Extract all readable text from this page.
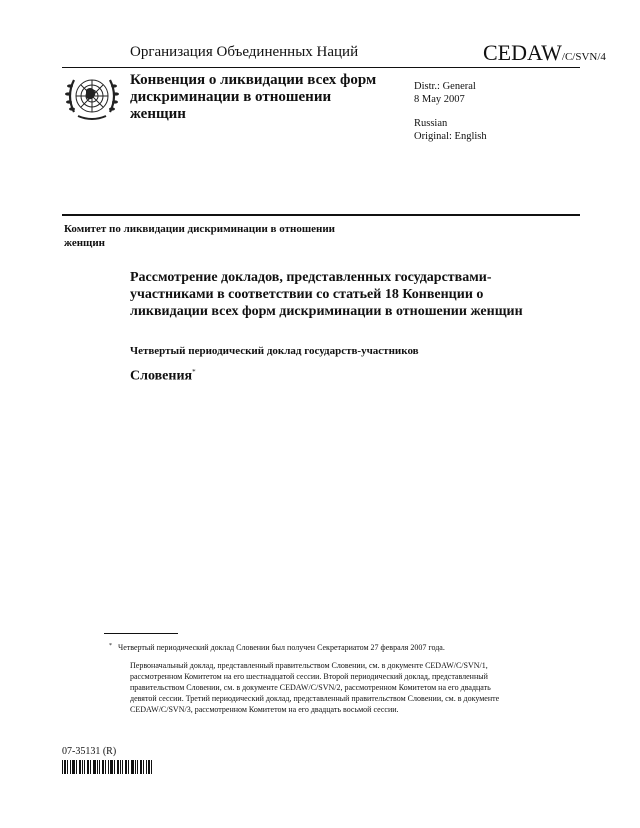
Организация Объединенных Наций	CEDAW/C/SVN/4
Конвенция о ликвидации всех форм дискриминации в отношении женщин
Distr.: General
8 May 2007
Russian
Original: English
Комитет по ликвидации дискриминации в отношении женщин
Рассмотрение докладов, представленных государствами-участниками в соответствии со статьей 18 Конвенции о ликвидации всех форм дискриминации в отношении женщин
Четвертый периодический доклад государств-участников
Словения*
* Четвертый периодический доклад Словении был получен Секретариатом 27 февраля 2007 года.
Первоначальный доклад, представленный правительством Словении, см. в документе CEDAW/C/SVN/1, рассмотренном Комитетом на его шестнадцатой сессии. Второй периодический доклад, представленный правительством Словении, см. в документе CEDAW/C/SVN/2, рассмотренном Комитетом на его двадцать девятой сессии. Третий периодический доклад, представленный правительством Словении, см. в документе CEDAW/C/SVN/3, рассмотренном Комитетом на его двадцать восьмой сессии.
07-35131 (R)
